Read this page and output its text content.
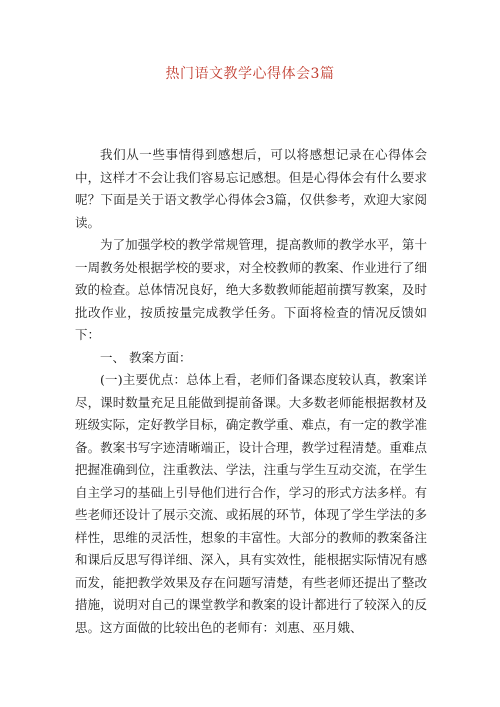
热门语文教学心得体会3篇

我们从一些事情得到感想后，可以将感想记录在心得体会中，这样才不会让我们容易忘记感想。但是心得体会有什么要求呢？下面是关于语文教学心得体会3篇，仅供参考，欢迎大家阅读。

为了加强学校的教学常规管理，提高教师的教学水平，第十一周教务处根据学校的要求，对全校教师的教案、作业进行了细致的检查。总体情况良好，绝大多数教师能超前撰写教案，及时批改作业，按质按量完成教学任务。下面将检查的情况反馈如下：

一、 教案方面：

(一)主要优点：总体上看，老师们备课态度较认真，教案详尽，课时数量充足且能做到提前备课。大多数老师能根据教材及班级实际，定好教学目标，确定教学重、难点，有一定的教学准备。教案书写字迹清晰端正，设计合理，教学过程清楚。重难点把握准确到位，注重教法、学法，注重与学生互动交流，在学生自主学习的基础上引导他们进行合作，学习的形式方法多样。有些老师还设计了展示交流、或拓展的环节，体现了学生学法的多样性，思维的灵活性，想象的丰富性。大部分的教师的教案备注和课后反思写得详细、深入，具有实效性，能根据实际情况有感而发，能把教学效果及存在问题写清楚，有些老师还提出了整改措施，说明对自己的课堂教学和教案的设计都进行了较深入的反思。这方面做的比较出色的老师有：刘惠、巫月娥、
